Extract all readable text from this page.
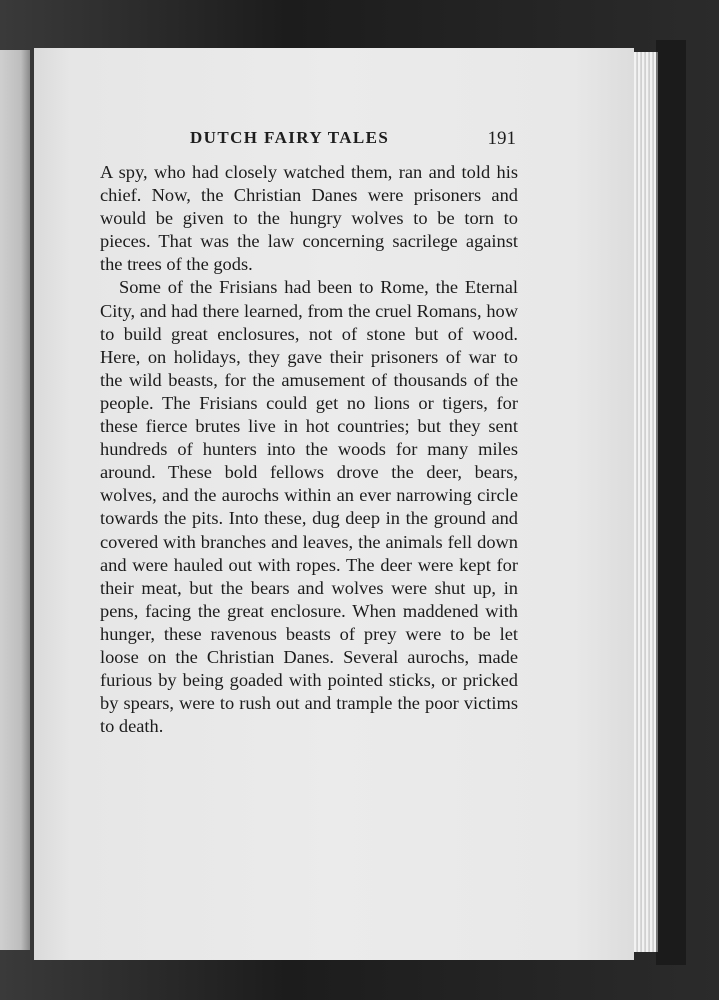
DUTCH FAIRY TALES	191

A spy, who had closely watched them, ran and told his chief. Now, the Christian Danes were prisoners and would be given to the hungry wolves to be torn to pieces. That was the law concerning sacrilege against the trees of the gods.

Some of the Frisians had been to Rome, the Eternal City, and had there learned, from the cruel Romans, how to build great enclosures, not of stone but of wood. Here, on holidays, they gave their prisoners of war to the wild beasts, for the amusement of thousands of the people. The Frisians could get no lions or tigers, for these fierce brutes live in hot countries; but they sent hundreds of hunters into the woods for many miles around. These bold fellows drove the deer, bears, wolves, and the aurochs within an ever narrowing circle towards the pits. Into these, dug deep in the ground and covered with branches and leaves, the animals fell down and were hauled out with ropes. The deer were kept for their meat, but the bears and wolves were shut up, in pens, facing the great enclosure. When maddened with hunger, these ravenous beasts of prey were to be let loose on the Christian Danes. Several aurochs, made furious by being goaded with pointed sticks, or pricked by spears, were to rush out and trample the poor victims to death.
